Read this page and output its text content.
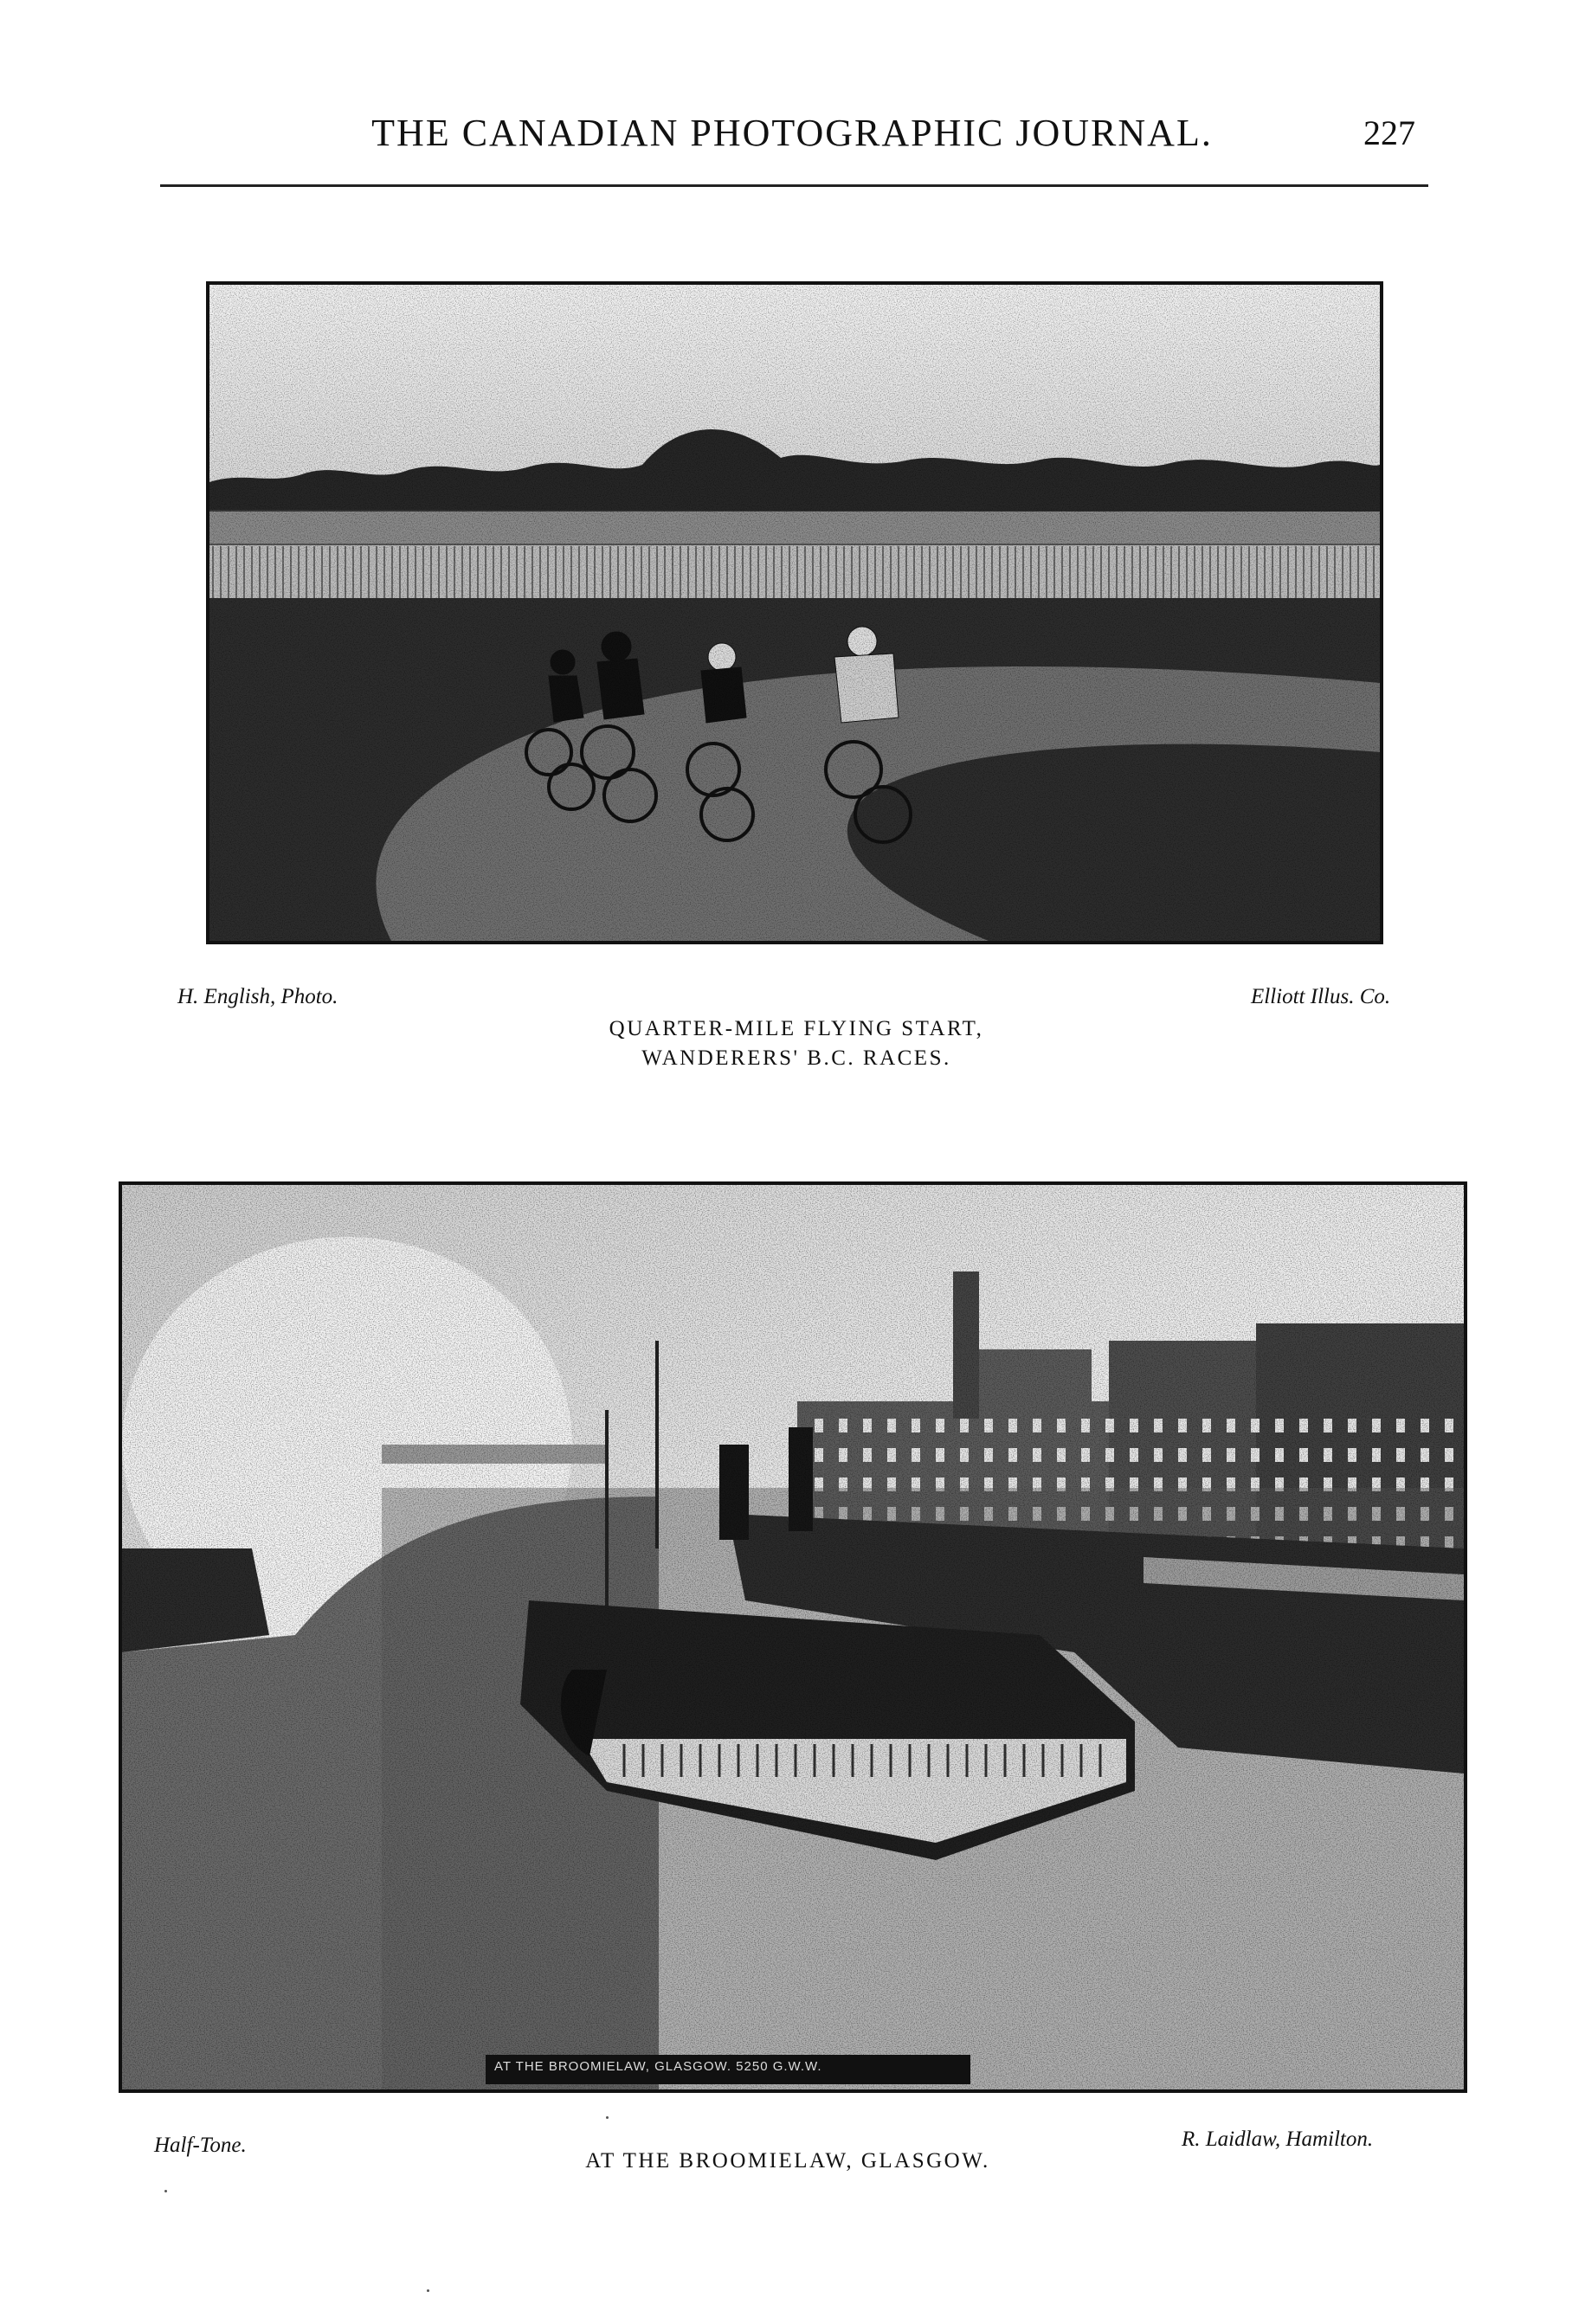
THE CANADIAN PHOTOGRAPHIC JOURNAL.	227
H. English, Photo.	Elliott Illus. Co.
QUARTER-MILE FLYING START,
WANDERERS' B.C. RACES.
AT THE BROOMIELAW, GLASGOW. 5250 G.W.W.
Half-Tone.	R. Laidlaw, Hamilton.
AT THE BROOMIELAW, GLASGOW.
